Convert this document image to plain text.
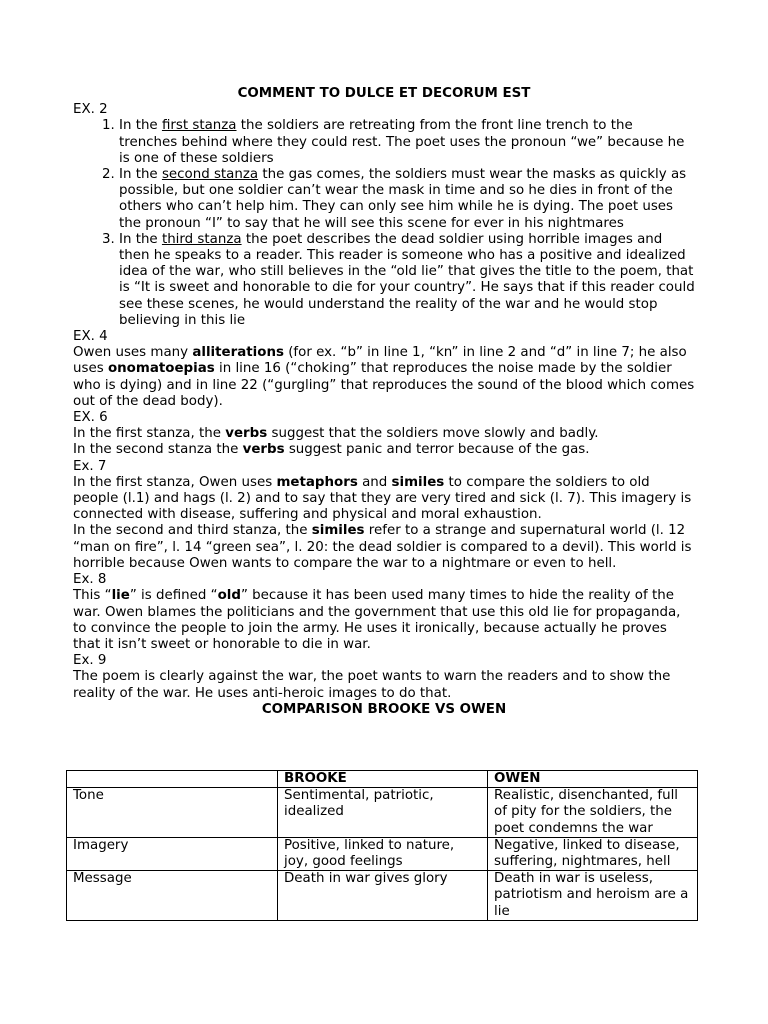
COMMENT TO DULCE ET DECORUM EST

EX. 2

1. In the first stanza the soldiers are retreating from the front line trench to the trenches behind where they could rest. The poet uses the pronoun “we” because he is one of these soldiers
2. In the second stanza the gas comes, the soldiers must wear the masks as quickly as possible, but one soldier can’t wear the mask in time and so he dies in front of the others who can’t help him. They can only see him while he is dying. The poet uses the pronoun “I” to say that he will see this scene for ever in his nightmares
3. In the third stanza the poet describes the dead soldier using horrible images and then he speaks to a reader. This reader is someone who has a positive and idealized idea of the war, who still believes in the “old lie” that gives the title to the poem, that is “It is sweet and honorable to die for your country”. He says that if this reader could see these scenes, he would understand the reality of the war and he would stop believing in this lie

EX. 4

Owen uses many alliterations (for ex. “b” in line 1, “kn” in line 2 and “d” in line 7; he also uses onomatoepias in line 16 (“choking” that reproduces the noise made by the soldier who is dying) and in line 22 (“gurgling” that reproduces the sound of the blood which comes out of the dead body).

EX. 6

In the first stanza, the verbs suggest that the soldiers move slowly and badly.

In the second stanza the verbs suggest panic and terror because of the gas.

Ex. 7

In the first stanza, Owen uses metaphors and similes to compare the soldiers to old people (l.1) and hags (l. 2) and to say that they are very tired and sick (l. 7). This imagery is connected with disease, suffering and physical and moral exhaustion.

In the second and third stanza, the similes refer to a strange and supernatural world (l. 12 “man on fire”, l. 14 “green sea”, l. 20: the dead soldier is compared to a devil). This world is horrible because Owen wants to compare the war to a nightmare or even to hell.

Ex. 8

This “lie” is defined “old” because it has been used many times to hide the reality of the war. Owen blames the politicians and the government that use this old lie for propaganda, to convince the people to join the army. He uses it ironically, because actually he proves that it isn’t sweet or honorable to die in war.

Ex. 9

The poem is clearly against the war, the poet wants to warn the readers and to show the reality of the war. He uses anti-heroic images to do that.

COMPARISON BROOKE VS OWEN

	BROOKE	OWEN
Tone	Sentimental, patriotic, idealized	Realistic, disenchanted, full of pity for the soldiers, the poet condemns the war
Imagery	Positive, linked to nature, joy, good feelings	Negative, linked to disease, suffering, nightmares, hell
Message	Death in war gives glory	Death in war is useless, patriotism and heroism are a lie
